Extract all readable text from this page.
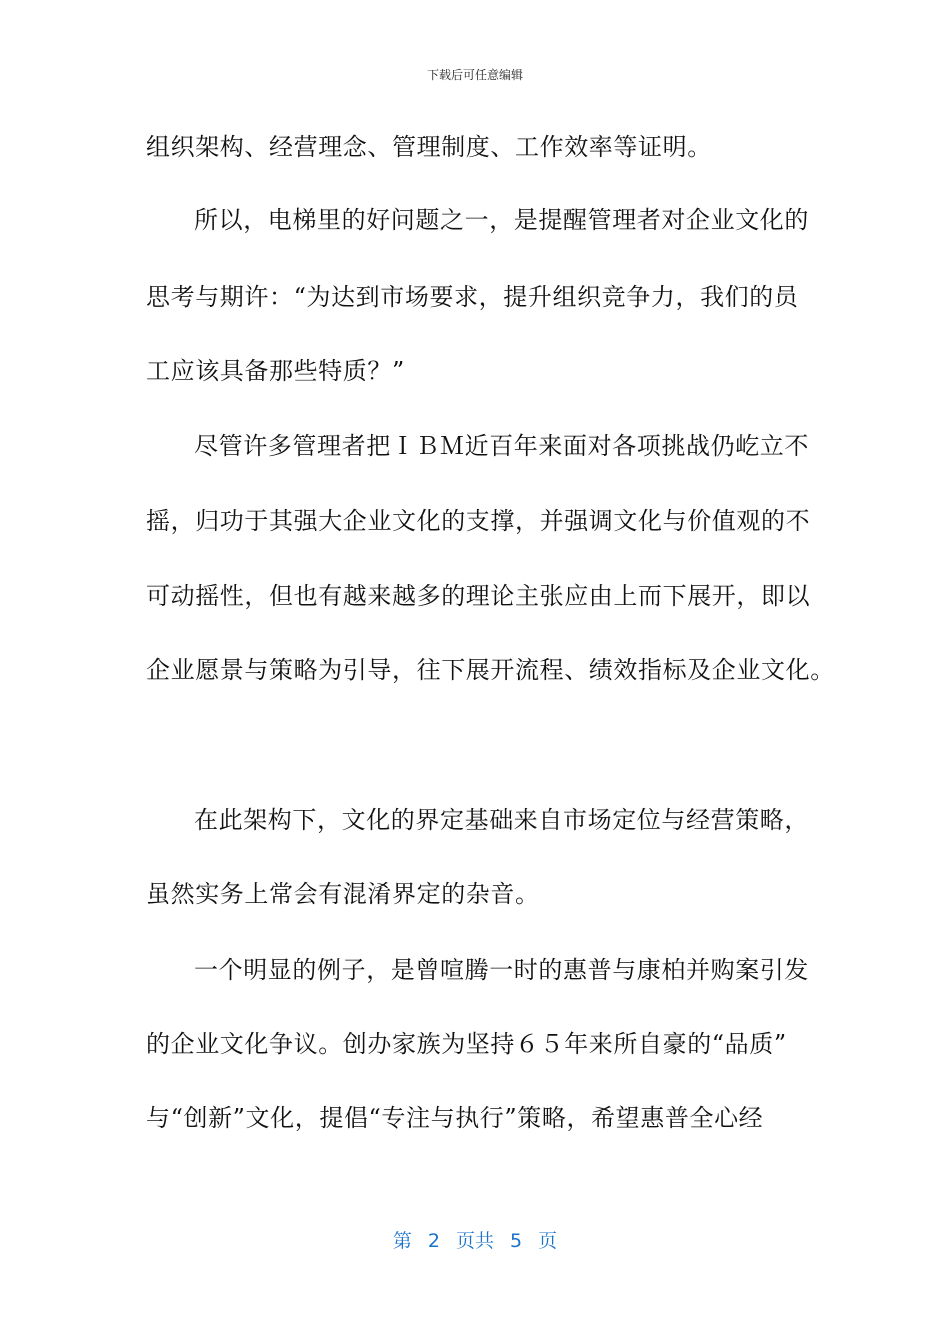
下载后可任意编辑
组织架构、经营理念、管理制度、工作效率等证明。
所以，电梯里的好问题之一，是提醒管理者对企业文化的
思考与期许：“为达到市场要求，提升组织竞争力，我们的员
工应该具备那些特质？”
尽管许多管理者把ＩＢＭ近百年来面对各项挑战仍屹立不
摇，归功于其强大企业文化的支撑，并强调文化与价值观的不
可动摇性，但也有越来越多的理论主张应由上而下展开，即以
企业愿景与策略为引导，往下展开流程、绩效指标及企业文化。
在此架构下，文化的界定基础来自市场定位与经营策略，
虽然实务上常会有混淆界定的杂音。
一个明显的例子，是曾喧腾一时的惠普与康柏并购案引发
的企业文化争议。创办家族为坚持６５年来所自豪的“品质”
与“创新”文化，提倡“专注与执行”策略，希望惠普全心经
第 2 页共 5 页
